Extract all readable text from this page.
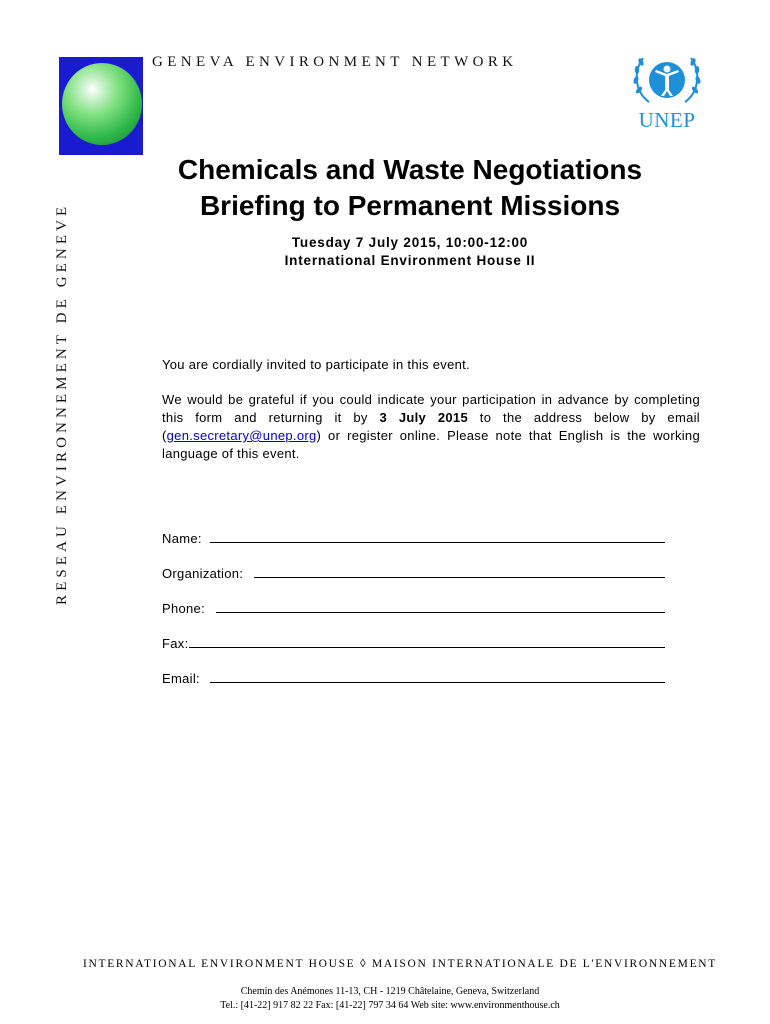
GENEVA ENVIRONMENT NETWORK
RESEAU ENVIRONNEMENT DE GENEVE
UNEP
Chemicals and Waste Negotiations
Briefing to Permanent Missions
Tuesday 7 July 2015, 10:00-12:00
International Environment House II
You are cordially invited to participate in this event.
We would be grateful if you could indicate your participation in advance by completing this form and returning it by 3 July 2015 to the address below by email (gen.secretary@unep.org) or register online. Please note that English is the working language of this event.
Name:
Organization:
Phone:
Fax:
Email:
INTERNATIONAL ENVIRONMENT HOUSE ◊ MAISON INTERNATIONALE DE L'ENVIRONNEMENT
Chemin des Anémones 11-13, CH - 1219 Châtelaine, Geneva, Switzerland
Tel.: [41-22] 917 82 22 Fax: [41-22] 797 34 64 Web site: www.environmenthouse.ch
